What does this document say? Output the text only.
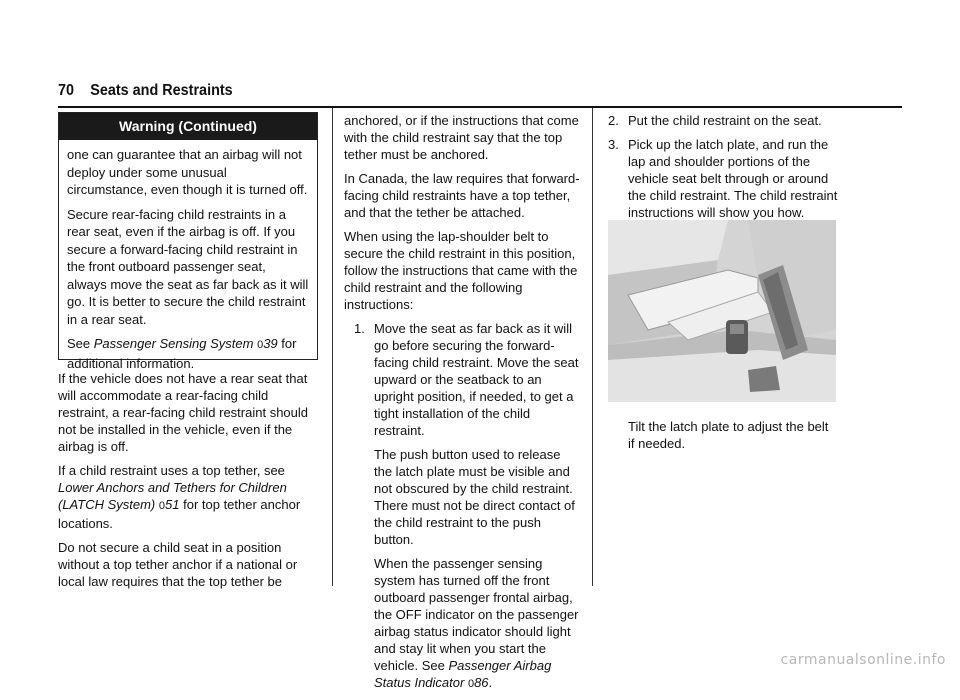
70 Seats and Restraints
Warning (Continued)

one can guarantee that an airbag will not deploy under some unusual circumstance, even though it is turned off.

Secure rear-facing child restraints in a rear seat, even if the airbag is off. If you secure a forward-facing child restraint in the front outboard passenger seat, always move the seat as far back as it will go. It is better to secure the child restraint in a rear seat.

See Passenger Sensing System 039 for additional information.

If the vehicle does not have a rear seat that will accommodate a rear-facing child restraint, a rear-facing child restraint should not be installed in the vehicle, even if the airbag is off.

If a child restraint uses a top tether, see Lower Anchors and Tethers for Children (LATCH System) 051 for top tether anchor locations.

Do not secure a child seat in a position without a top tether anchor if a national or local law requires that the top tether be

anchored, or if the instructions that come with the child restraint say that the top tether must be anchored.

In Canada, the law requires that forward-facing child restraints have a top tether, and that the tether be attached.

When using the lap-shoulder belt to secure the child restraint in this position, follow the instructions that came with the child restraint and the following instructions:

1. Move the seat as far back as it will go before securing the forward-facing child restraint. Move the seat upward or the seatback to an upright position, if needed, to get a tight installation of the child restraint.

The push button used to release the latch plate must be visible and not obscured by the child restraint. There must not be direct contact of the child restraint to the push button.

When the passenger sensing system has turned off the front outboard passenger frontal airbag, the OFF indicator on the passenger airbag status indicator should light and stay lit when you start the vehicle. See Passenger Airbag Status Indicator 086.

2. Put the child restraint on the seat.
3. Pick up the latch plate, and run the lap and shoulder portions of the vehicle seat belt through or around the child restraint. The child restraint instructions will show you how.
Tilt the latch plate to adjust the belt if needed.
carmanualsonline.info
